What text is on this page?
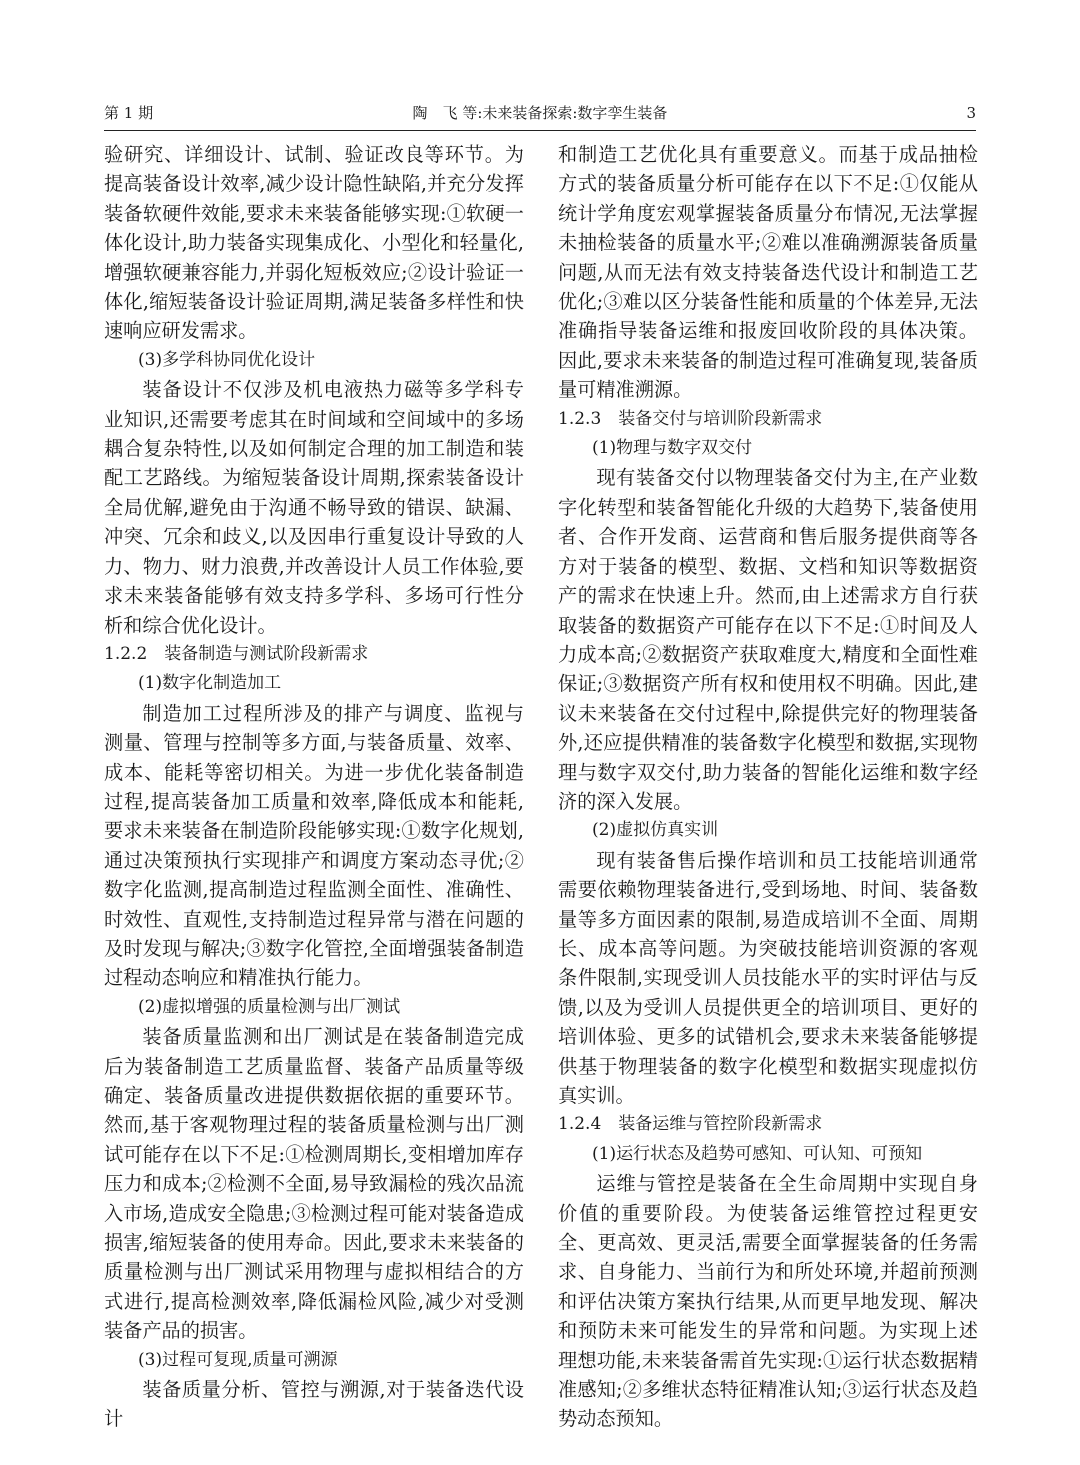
第 1 期	陶　飞 等:未来装备探索:数字孪生装备	3

验研究、详细设计、试制、验证改良等环节。为提高装备设计效率,减少设计隐性缺陷,并充分发挥装备软硬件效能,要求未来装备能够实现:①软硬一体化设计,助力装备实现集成化、小型化和轻量化,增强软硬兼容能力,并弱化短板效应;②设计验证一体化,缩短装备设计验证周期,满足装备多样性和快速响应研发需求。

(3)多学科协同优化设计

装备设计不仅涉及机电液热力磁等多学科专业知识,还需要考虑其在时间域和空间域中的多场耦合复杂特性,以及如何制定合理的加工制造和装配工艺路线。为缩短装备设计周期,探索装备设计全局优解,避免由于沟通不畅导致的错误、缺漏、冲突、冗余和歧义,以及因串行重复设计导致的人力、物力、财力浪费,并改善设计人员工作体验,要求未来装备能够有效支持多学科、多场可行性分析和综合优化设计。

1.2.2　装备制造与测试阶段新需求

(1)数字化制造加工

制造加工过程所涉及的排产与调度、监视与测量、管理与控制等多方面,与装备质量、效率、成本、能耗等密切相关。为进一步优化装备制造过程,提高装备加工质量和效率,降低成本和能耗,要求未来装备在制造阶段能够实现:①数字化规划,通过决策预执行实现排产和调度方案动态寻优;②数字化监测,提高制造过程监测全面性、准确性、时效性、直观性,支持制造过程异常与潜在问题的及时发现与解决;③数字化管控,全面增强装备制造过程动态响应和精准执行能力。

(2)虚拟增强的质量检测与出厂测试

装备质量监测和出厂测试是在装备制造完成后为装备制造工艺质量监督、装备产品质量等级确定、装备质量改进提供数据依据的重要环节。然而,基于客观物理过程的装备质量检测与出厂测试可能存在以下不足:①检测周期长,变相增加库存压力和成本;②检测不全面,易导致漏检的残次品流入市场,造成安全隐患;③检测过程可能对装备造成损害,缩短装备的使用寿命。因此,要求未来装备的质量检测与出厂测试采用物理与虚拟相结合的方式进行,提高检测效率,降低漏检风险,减少对受测装备产品的损害。

(3)过程可复现,质量可溯源

装备质量分析、管控与溯源,对于装备迭代设计

和制造工艺优化具有重要意义。而基于成品抽检方式的装备质量分析可能存在以下不足:①仅能从统计学角度宏观掌握装备质量分布情况,无法掌握未抽检装备的质量水平;②难以准确溯源装备质量问题,从而无法有效支持装备迭代设计和制造工艺优化;③难以区分装备性能和质量的个体差异,无法准确指导装备运维和报废回收阶段的具体决策。因此,要求未来装备的制造过程可准确复现,装备质量可精准溯源。

1.2.3　装备交付与培训阶段新需求

(1)物理与数字双交付

现有装备交付以物理装备交付为主,在产业数字化转型和装备智能化升级的大趋势下,装备使用者、合作开发商、运营商和售后服务提供商等各方对于装备的模型、数据、文档和知识等数据资产的需求在快速上升。然而,由上述需求方自行获取装备的数据资产可能存在以下不足:①时间及人力成本高;②数据资产获取难度大,精度和全面性难保证;③数据资产所有权和使用权不明确。因此,建议未来装备在交付过程中,除提供完好的物理装备外,还应提供精准的装备数字化模型和数据,实现物理与数字双交付,助力装备的智能化运维和数字经济的深入发展。

(2)虚拟仿真实训

现有装备售后操作培训和员工技能培训通常需要依赖物理装备进行,受到场地、时间、装备数量等多方面因素的限制,易造成培训不全面、周期长、成本高等问题。为突破技能培训资源的客观条件限制,实现受训人员技能水平的实时评估与反馈,以及为受训人员提供更全的培训项目、更好的培训体验、更多的试错机会,要求未来装备能够提供基于物理装备的数字化模型和数据实现虚拟仿真实训。

1.2.4　装备运维与管控阶段新需求

(1)运行状态及趋势可感知、可认知、可预知

运维与管控是装备在全生命周期中实现自身价值的重要阶段。为使装备运维管控过程更安全、更高效、更灵活,需要全面掌握装备的任务需求、自身能力、当前行为和所处环境,并超前预测和评估决策方案执行结果,从而更早地发现、解决和预防未来可能发生的异常和问题。为实现上述理想功能,未来装备需首先实现:①运行状态数据精准感知;②多维状态特征精准认知;③运行状态及趋势动态预知。
